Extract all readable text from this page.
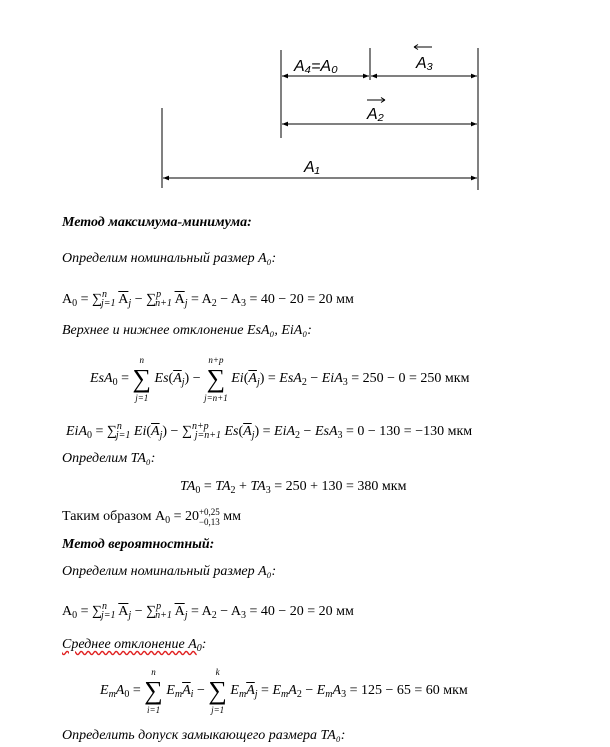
A₄=A₀	A₃
A₂
A₁
Метод максимума-минимума:
Определим номинальный размер А₀:
$А_0 = \sum^n_{j=1}$ $\overline{A}_j - \sum^p_{n+1}$ $\overline{A}_j = A_2 - A_3 = 40 - 20 = 20$ мм
Верхнее и нижнее отклонение EsA₀, EiA₀:
EsA$_0$ =
n
∑
j=1
$Es(\overline{A}_j)$ −
n+p
∑
j=n+1
$Ei(\overline{A}_j) = EsA_2 - EiA_3 = 250 - 0 = 250$ мкм
EiA$_0$ = ∑$^n_{j=1}$ $Ei(\overline{A}_j) - \sum^{n+p}_{j=n+1}$ $Es(\overline{A}_j) = EiA_2 - EsA_3 = 0 - 130 = -130$ мкм
Определим TA₀:
$TA_0 = TA_2 + TA_3 = 250 + 130 = 380$ мкм
Таким образом $A_0 = 20+0,25$
−0,13 мм
Метод вероятностный:
Определим номинальный размер А₀:
$А_0 = \sum^n_{j=1}$ $\overline{A}_j - \sum^p_{n+1}$ $\overline{A}_j = A_2 - A_3 = 40 - 20 = 20$ мм
Среднее отклонение $А_0$:
$E_mA_0$ =
n
∑
i=1
$E_m\overline{A}_i$ −
k
∑
j=1
$E_m\overline{A}_j = E_mA_2 - E_mA_3 = 125 - 65 = 60$ мкм
Определить допуск замыкающего размера TA₀:
